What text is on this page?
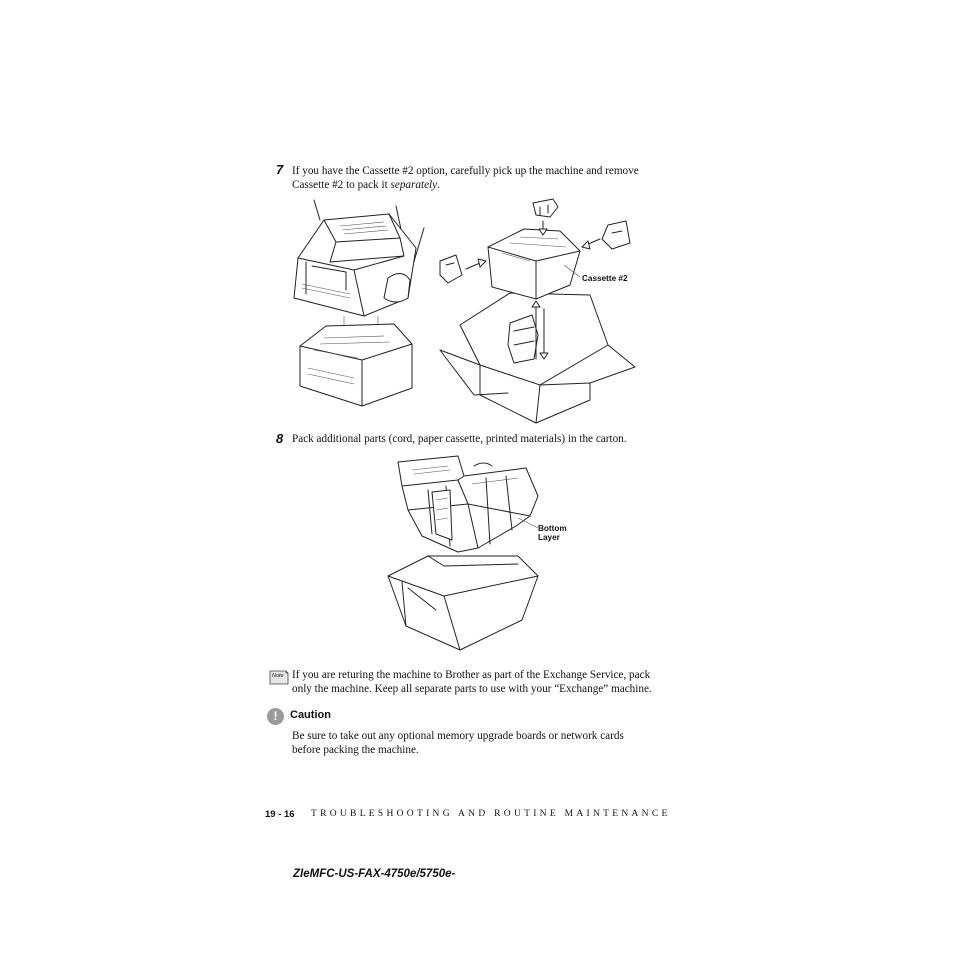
7 If you have the Cassette #2 option, carefully pick up the machine and remove
Cassette #2 to pack it separately.
Cassette #2
8 Pack additional parts (cord, paper cassette, printed materials) in the carton.
Bottom
Layer
Note If you are returing the machine to Brother as part of the Exchange Service, pack
only the machine. Keep all separate parts to use with your “Exchange” machine.
!	Caution
Be sure to take out any optional memory upgrade boards or network cards
before packing the machine.
19 - 16 TROUBLESHOOTING AND ROUTINE MAINTENANCE
ZIeMFC-US-FAX-4750e/5750e-
